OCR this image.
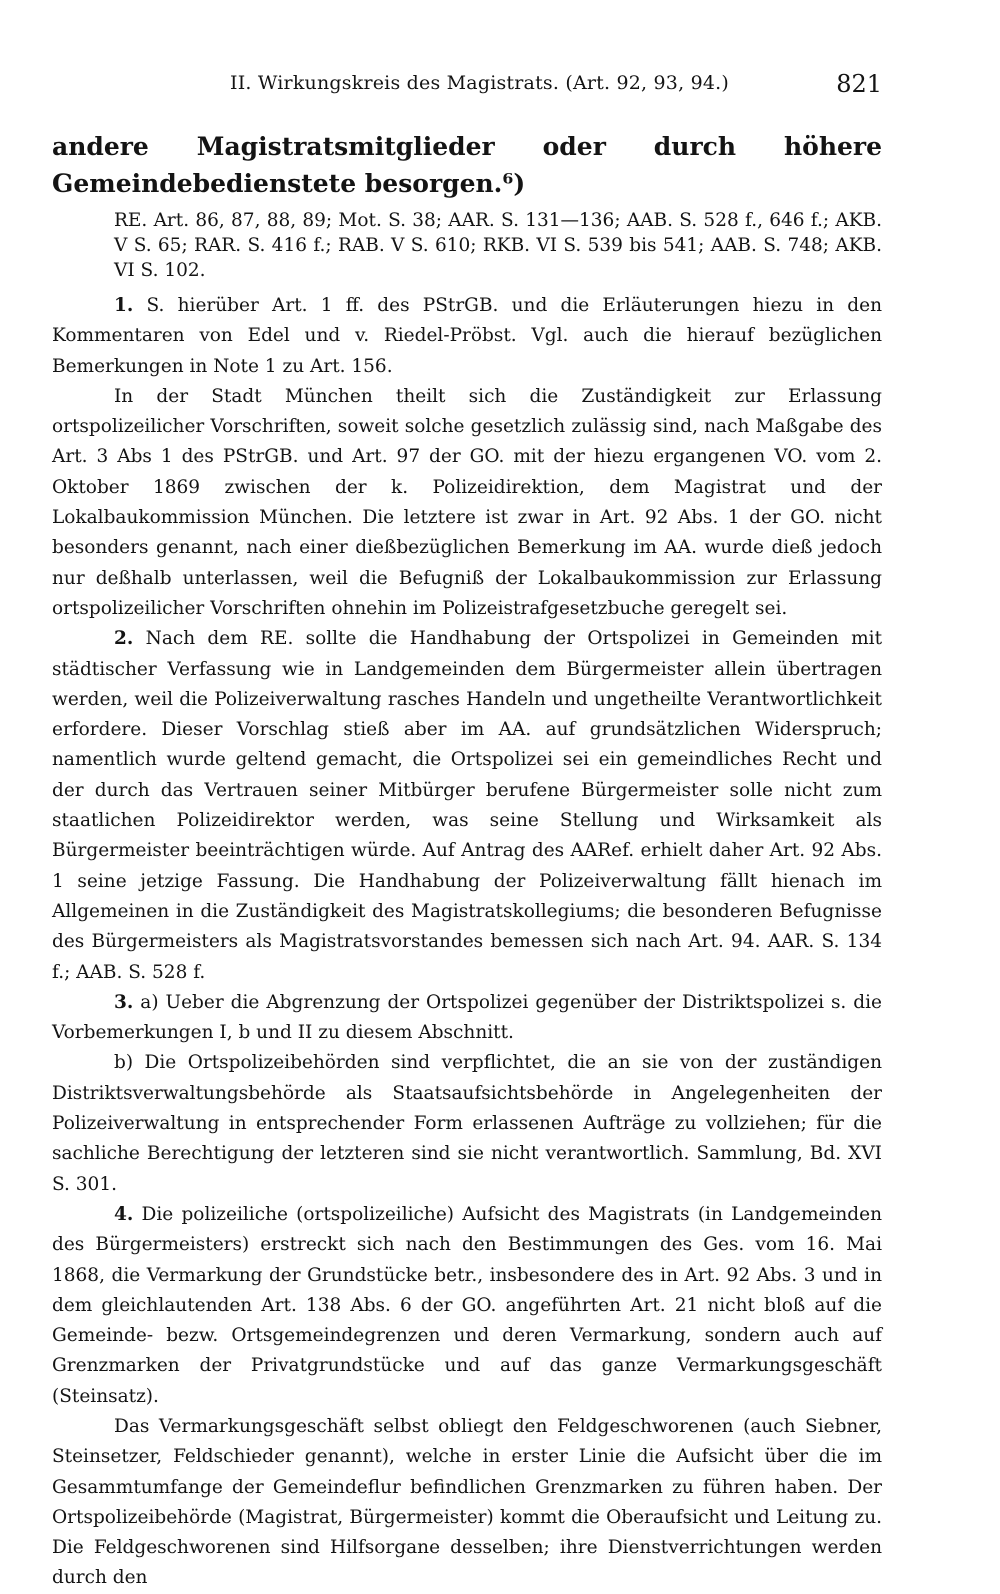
II. Wirkungskreis des Magistrats. (Art. 92, 93, 94.)	821
andere Magistratsmitglieder oder durch höhere Gemeindebedienstete besorgen.⁶)
RE. Art. 86, 87, 88, 89; Mot. S. 38; AAR. S. 131—136; AAB. S. 528 f., 646 f.; AKB. V S. 65; RAR. S. 416 f.; RAB. V S. 610; RKB. VI S. 539 bis 541; AAB. S. 748; AKB. VI S. 102.

1. S. hierüber Art. 1 ff. des PStrGB. und die Erläuterungen hiezu in den Kommentaren von Edel und v. Riedel-Pröbst. Vgl. auch die hierauf bezüglichen Bemerkungen in Note 1 zu Art. 156.

In der Stadt München theilt sich die Zuständigkeit zur Erlassung ortspolizeilicher Vorschriften, soweit solche gesetzlich zulässig sind, nach Maßgabe des Art. 3 Abs 1 des PStrGB. und Art. 97 der GO. mit der hiezu ergangenen VO. vom 2. Oktober 1869 zwischen der k. Polizeidirektion, dem Magistrat und der Lokalbaukommission München. Die letztere ist zwar in Art. 92 Abs. 1 der GO. nicht besonders genannt, nach einer dießbezüglichen Bemerkung im AA. wurde dieß jedoch nur deßhalb unterlassen, weil die Befugniß der Lokalbaukommission zur Erlassung ortspolizeilicher Vorschriften ohnehin im Polizeistrafgesetzbuche geregelt sei.

2. Nach dem RE. sollte die Handhabung der Ortspolizei in Gemeinden mit städtischer Verfassung wie in Landgemeinden dem Bürgermeister allein übertragen werden, weil die Polizeiverwaltung rasches Handeln und ungetheilte Verantwortlichkeit erfordere. Dieser Vorschlag stieß aber im AA. auf grundsätzlichen Widerspruch; namentlich wurde geltend gemacht, die Ortspolizei sei ein gemeindliches Recht und der durch das Vertrauen seiner Mitbürger berufene Bürgermeister solle nicht zum staatlichen Polizeidirektor werden, was seine Stellung und Wirksamkeit als Bürgermeister beeinträchtigen würde. Auf Antrag des AARef. erhielt daher Art. 92 Abs. 1 seine jetzige Fassung. Die Handhabung der Polizeiverwaltung fällt hienach im Allgemeinen in die Zuständigkeit des Magistratskollegiums; die besonderen Befugnisse des Bürgermeisters als Magistratsvorstandes bemessen sich nach Art. 94. AAR. S. 134 f.; AAB. S. 528 f.

3. a) Ueber die Abgrenzung der Ortspolizei gegenüber der Distriktspolizei s. die Vorbemerkungen I, b und II zu diesem Abschnitt.

b) Die Ortspolizeibehörden sind verpflichtet, die an sie von der zuständigen Distriktsverwaltungsbehörde als Staatsaufsichtsbehörde in Angelegenheiten der Polizeiverwaltung in entsprechender Form erlassenen Aufträge zu vollziehen; für die sachliche Berechtigung der letzteren sind sie nicht verantwortlich. Sammlung, Bd. XVI S. 301.

4. Die polizeiliche (ortspolizeiliche) Aufsicht des Magistrats (in Landgemeinden des Bürgermeisters) erstreckt sich nach den Bestimmungen des Ges. vom 16. Mai 1868, die Vermarkung der Grundstücke betr., insbesondere des in Art. 92 Abs. 3 und in dem gleichlautenden Art. 138 Abs. 6 der GO. angeführten Art. 21 nicht bloß auf die Gemeinde- bezw. Ortsgemeindegrenzen und deren Vermarkung, sondern auch auf Grenzmarken der Privatgrundstücke und auf das ganze Vermarkungsgeschäft (Steinsatz).

Das Vermarkungsgeschäft selbst obliegt den Feldgeschworenen (auch Siebner, Steinsetzer, Feldschieder genannt), welche in erster Linie die Aufsicht über die im Gesammtumfange der Gemeindeflur befindlichen Grenzmarken zu führen haben. Der Ortspolizeibehörde (Magistrat, Bürgermeister) kommt die Oberaufsicht und Leitung zu. Die Feldgeschworenen sind Hilfsorgane desselben; ihre Dienstverrichtungen werden durch den
